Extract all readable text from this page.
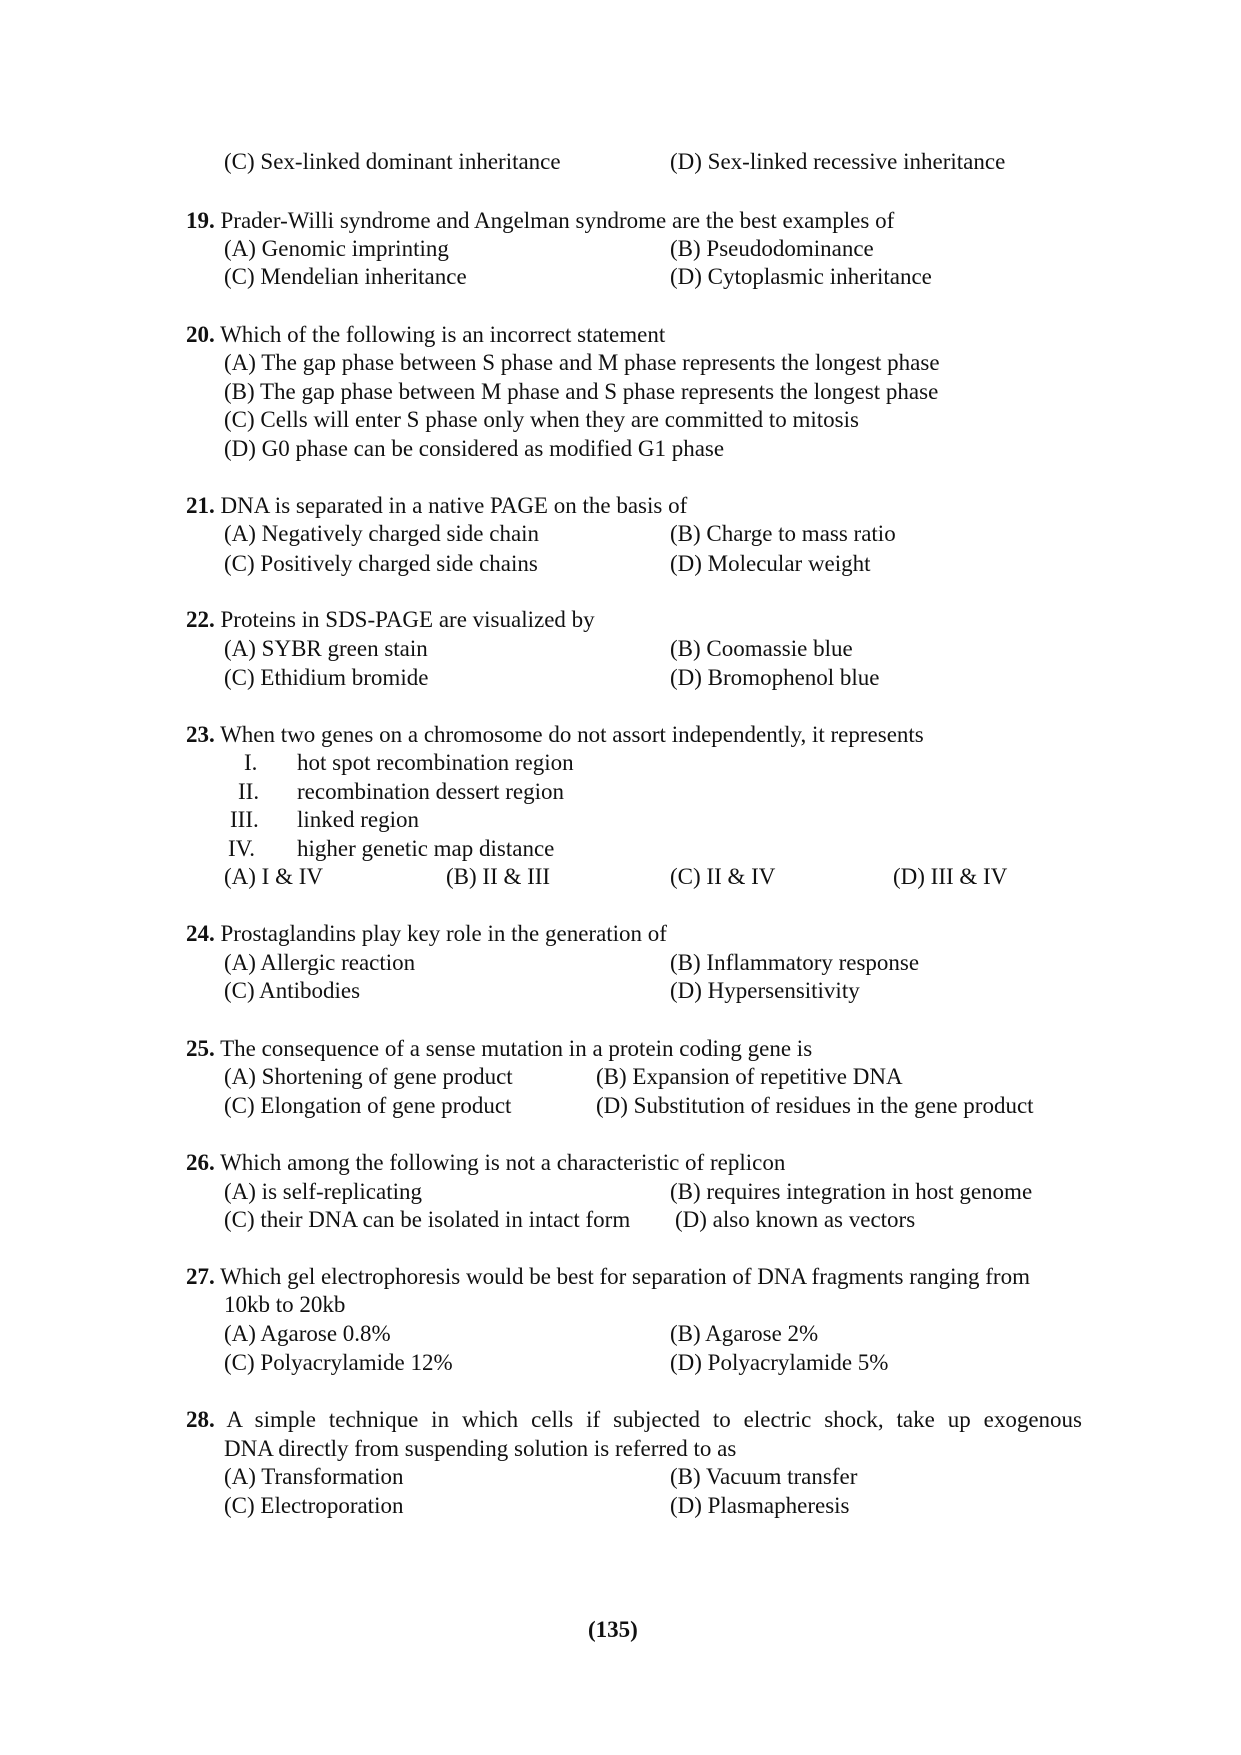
(C) Sex-linked dominant inheritance	(D) Sex-linked recessive inheritance
19. Prader-Willi syndrome and Angelman syndrome are the best examples of
(A) Genomic imprinting	(B) Pseudodominance
(C) Mendelian inheritance	(D) Cytoplasmic inheritance
20. Which of the following is an incorrect statement
(A) The gap phase between S phase and M phase represents the longest phase
(B) The gap phase between M phase and S phase represents the longest phase
(C) Cells will enter S phase only when they are committed to mitosis
(D) G0 phase can be considered as modified G1 phase
21. DNA is separated in a native PAGE on the basis of
(A) Negatively charged side chain	(B) Charge to mass ratio
(C) Positively charged side chains	(D) Molecular weight
22. Proteins in SDS-PAGE are visualized by
(A) SYBR green stain	(B) Coomassie blue
(C) Ethidium bromide	(D) Bromophenol blue
23. When two genes on a chromosome do not assort independently, it represents
I. hot spot recombination region
II. recombination dessert region
III. linked region
IV. higher genetic map distance
(A) I & IV	(B) II & III	(C) II & IV	(D) III & IV
24. Prostaglandins play key role in the generation of
(A) Allergic reaction	(B) Inflammatory response
(C) Antibodies	(D) Hypersensitivity
25. The consequence of a sense mutation in a protein coding gene is
(A) Shortening of gene product	(B) Expansion of repetitive DNA
(C) Elongation of gene product	(D) Substitution of residues in the gene product
26. Which among the following is not a characteristic of replicon
(A) is self-replicating	(B) requires integration in host genome
(C) their DNA can be isolated in intact form (D) also known as vectors
27. Which gel electrophoresis would be best for separation of DNA fragments ranging from
10kb to 20kb
(A) Agarose 0.8%	(B) Agarose 2%
(C) Polyacrylamide 12%	(D) Polyacrylamide 5%
28. A simple technique in which cells if subjected to electric shock, take up exogenous
DNA directly from suspending solution is referred to as
(A) Transformation	(B) Vacuum transfer
(C) Electroporation	(D) Plasmapheresis
(135)
